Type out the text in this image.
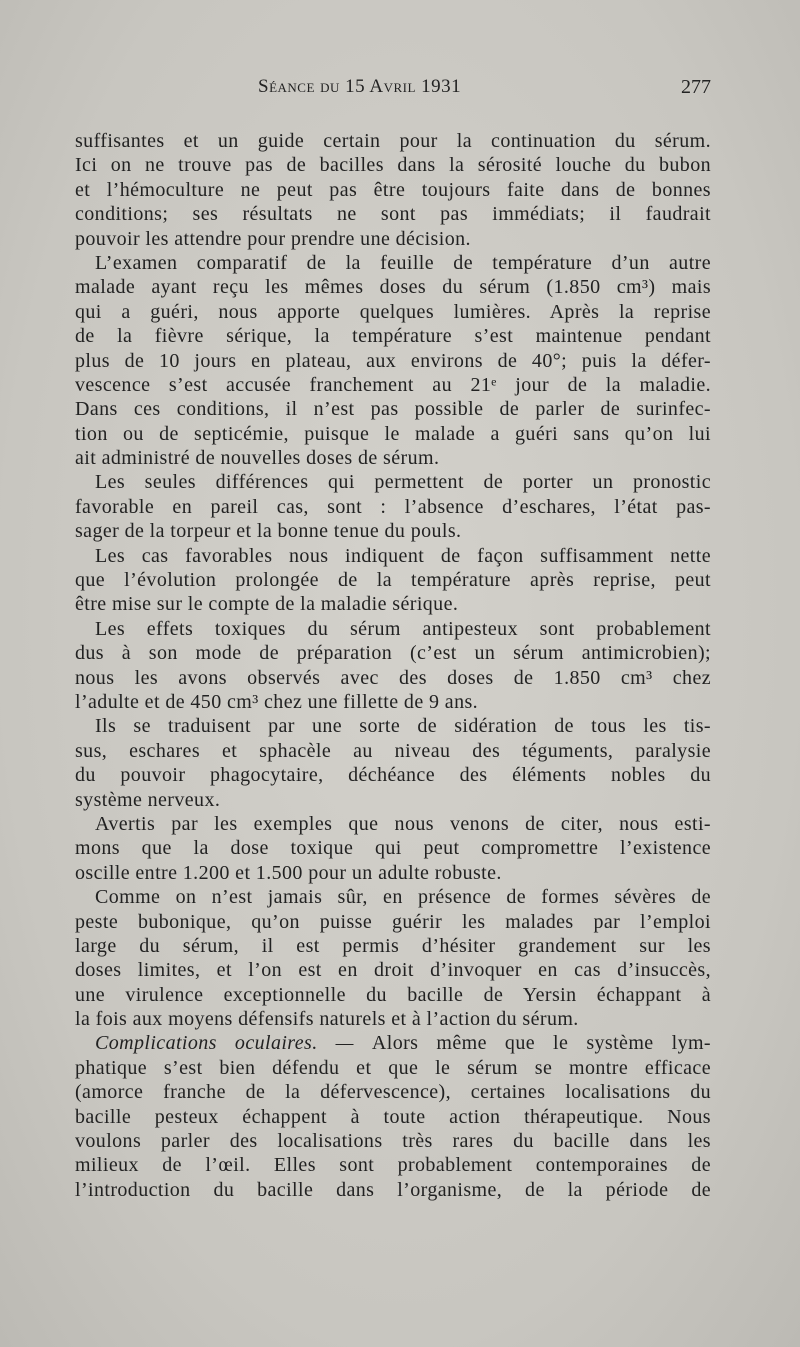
Séance du 15 Avril 1931	277
suffisantes et un guide certain pour la continuation du sérum.
Ici on ne trouve pas de bacilles dans la sérosité louche du bubon
et l’hémoculture ne peut pas être toujours faite dans de bonnes
conditions; ses résultats ne sont pas immédiats; il faudrait
pouvoir les attendre pour prendre une décision.
L’examen comparatif de la feuille de température d’un autre
malade ayant reçu les mêmes doses du sérum (1.850 cm³) mais
qui a guéri, nous apporte quelques lumières. Après la reprise
de la fièvre sérique, la température s’est maintenue pendant
plus de 10 jours en plateau, aux environs de 40°; puis la défer-
vescence s’est accusée franchement au 21ᵉ jour de la maladie.
Dans ces conditions, il n’est pas possible de parler de surinfec-
tion ou de septicémie, puisque le malade a guéri sans qu’on lui
ait administré de nouvelles doses de sérum.
Les seules différences qui permettent de porter un pronostic
favorable en pareil cas, sont : l’absence d’eschares, l’état pas-
sager de la torpeur et la bonne tenue du pouls.
Les cas favorables nous indiquent de façon suffisamment nette
que l’évolution prolongée de la température après reprise, peut
être mise sur le compte de la maladie sérique.
Les effets toxiques du sérum antipesteux sont probablement
dus à son mode de préparation (c’est un sérum antimicrobien);
nous les avons observés avec des doses de 1.850 cm³ chez
l’adulte et de 450 cm³ chez une fillette de 9 ans.
Ils se traduisent par une sorte de sidération de tous les tis-
sus, eschares et sphacèle au niveau des téguments, paralysie
du pouvoir phagocytaire, déchéance des éléments nobles du
système nerveux.
Avertis par les exemples que nous venons de citer, nous esti-
mons que la dose toxique qui peut compromettre l’existence
oscille entre 1.200 et 1.500 pour un adulte robuste.
Comme on n’est jamais sûr, en présence de formes sévères de
peste bubonique, qu’on puisse guérir les malades par l’emploi
large du sérum, il est permis d’hésiter grandement sur les
doses limites, et l’on est en droit d’invoquer en cas d’insuccès,
une virulence exceptionnelle du bacille de Yersin échappant à
la fois aux moyens défensifs naturels et à l’action du sérum.
Complications oculaires. — Alors même que le système lym-
phatique s’est bien défendu et que le sérum se montre efficace
(amorce franche de la défervescence), certaines localisations du
bacille pesteux échappent à toute action thérapeutique. Nous
voulons parler des localisations très rares du bacille dans les
milieux de l’œil. Elles sont probablement contemporaines de
l’introduction du bacille dans l’organisme, de la période de
